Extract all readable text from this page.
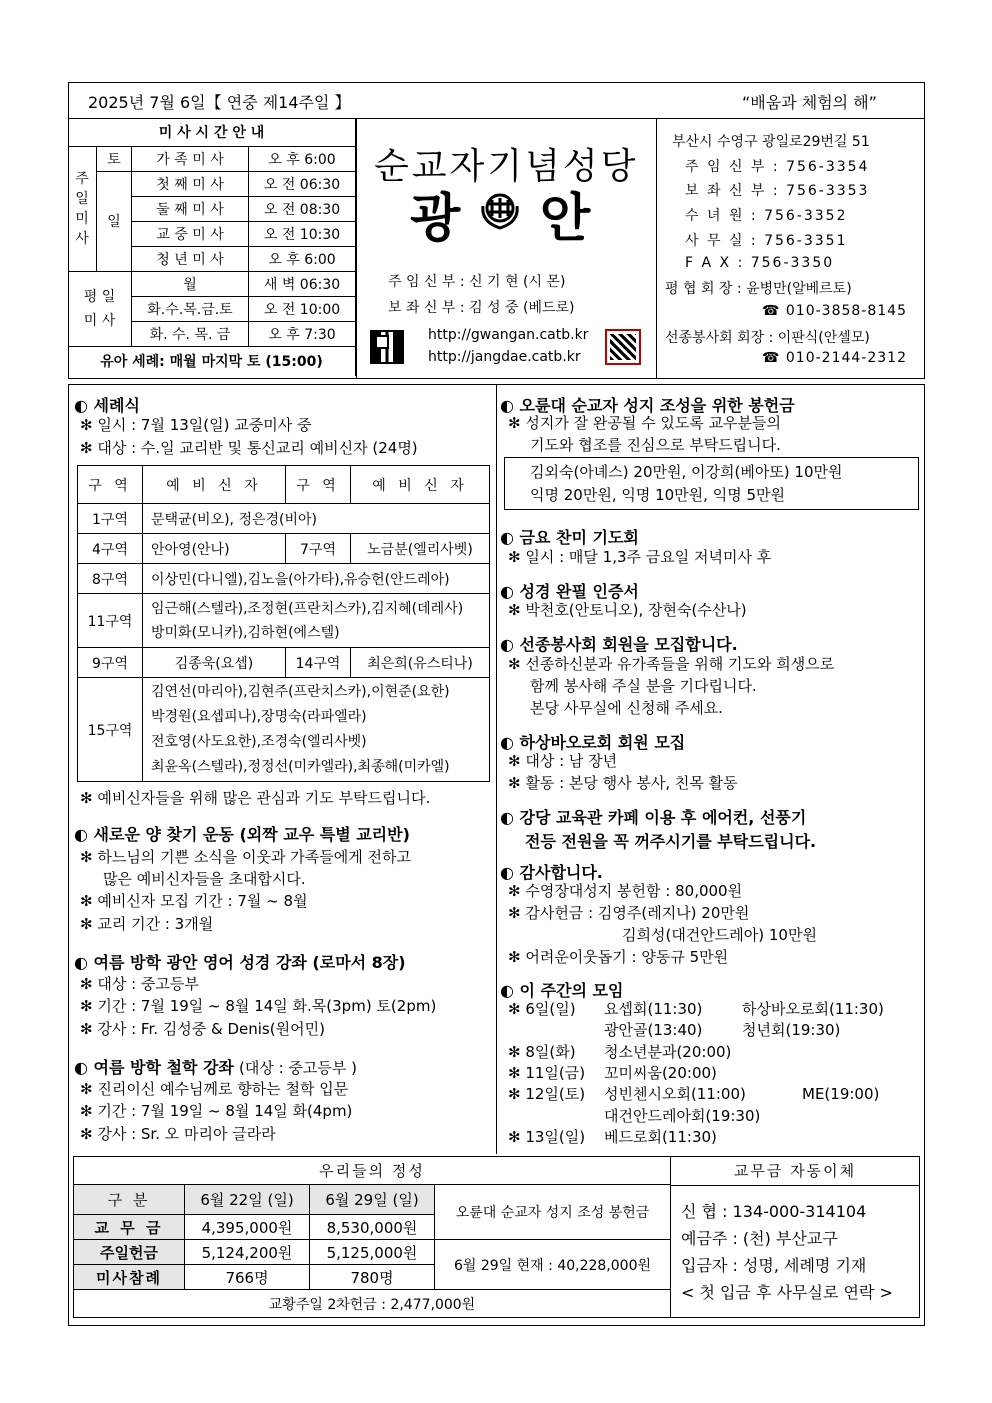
2025년 7월 6일【 연중 제14주일 】	“배움과 체험의 해”
미 사 시 간 안 내			
주
일
미
사	토	가 족 미 사	오 후 6:00
	일	첫 째 미 사	오 전 06:30
		둘 째 미 사	오 전 08:30
		교 중 미 사	오 전 10:30
		청 년 미 사	오 후 6:00
평 일
미 사		월	새 벽 06:30
		화.수.목.금.토	오 전 10:00
		화. 수. 목. 금	오 후 7:30
유아 세례: 매월 마지막 토 (15:00)			
순교자기념성당
광 안
주 임 신 부 : 신 기 현 (시 몬)
보 좌 신 부 : 김 성 중 (베드로)
http://gwangan.catb.kr
http://jangdae.catb.kr
부산시 수영구 광일로29번길 51
주 임 신 부 : 756-3354
보 좌 신 부 : 756-3353
수 녀 원 : 756-3352
사 무 실 : 756-3351
F A X : 756-3350
평 협 회 장 : 윤병만(알베르토)
☎ 010-3858-8145
선종봉사회 회장 : 이판식(안셀모)
☎ 010-2144-2312
◐ 세례식
✻ 일시 : 7월 13일(일) 교중미사 중
✻ 대상 : 수.일 교리반 및 통신교리 예비신자 (24명)
구 역	예 비 신 자	구 역	예 비 신 자
1구역	문택균(비오), 정은경(비아)		
4구역	안아영(안나)	7구역	노금분(엘리사벳)
8구역	이상민(다니엘),김노을(아가타),유승헌(안드레아)		
11구역	임근해(스텔라),조정현(프란치스카),김지혜(데레사)
방미화(모니카),김하현(에스텔)		
9구역	김종욱(요셉)	14구역	최은희(유스티나)
15구역	김연선(마리아),김현주(프란치스카),이현준(요한)
박경원(요셉피나),장명숙(라파엘라)
전호영(사도요한),조경숙(엘리사벳)
최윤옥(스텔라),정정선(미카엘라),최종해(미카엘)		
✻ 예비신자들을 위해 많은 관심과 기도 부탁드립니다.
◐ 새로운 양 찾기 운동 (외짝 교우 특별 교리반)
✻ 하느님의 기쁜 소식을 이웃과 가족들에게 전하고
많은 예비신자들을 초대합시다.
✻ 예비신자 모집 기간 : 7월 ~ 8월
✻ 교리 기간 : 3개월
◐ 여름 방학 광안 영어 성경 강좌 (로마서 8장)
✻ 대상 : 중고등부
✻ 기간 : 7월 19일 ~ 8월 14일 화.목(3pm) 토(2pm)
✻ 강사 : Fr. 김성중 & Denis(원어민)
◐ 여름 방학 철학 강좌 (대상 : 중고등부 )
✻ 진리이신 예수님께로 향하는 철학 입문
✻ 기간 : 7월 19일 ~ 8월 14일 화(4pm)
✻ 강사 : Sr. 오 마리아 글라라
◐ 오륜대 순교자 성지 조성을 위한 봉헌금
✻ 성지가 잘 완공될 수 있도록 교우분들의
기도와 협조를 진심으로 부탁드립니다.
김외숙(아녜스) 20만원, 이강희(베아또) 10만원
익명 20만원, 익명 10만원, 익명 5만원
◐ 금요 찬미 기도회
✻ 일시 : 매달 1,3주 금요일 저녁미사 후
◐ 성경 완필 인증서
✻ 박천호(안토니오), 장현숙(수산나)
◐ 선종봉사회 회원을 모집합니다.
✻ 선종하신분과 유가족들을 위해 기도와 희생으로
함께 봉사해 주실 분을 기다립니다.
본당 사무실에 신청해 주세요.
◐ 하상바오로회 회원 모집
✻ 대상 : 남 장년
✻ 활동 : 본당 행사 봉사, 친목 활동
◐ 강당 교육관 카페 이용 후 에어컨, 선풍기
전등 전원을 꼭 꺼주시기를 부탁드립니다.
◐ 감사합니다.
✻ 수영장대성지 봉헌함 : 80,000원
✻ 감사헌금 : 김영주(레지나) 20만원
김희성(대건안드레아) 10만원
✻ 어려운이웃돕기 : 양동규 5만원
◐ 이 주간의 모임
✻ 6일(일) 요셉회(11:30)	하상바오로회(11:30)
광안골(13:40)	청년회(19:30)
✻ 8일(화) 청소년분과(20:00)
✻ 11일(금) 꼬미씨움(20:00)
✻ 12일(토) 성빈첸시오회(11:00)	ME(19:00)
대건안드레아회(19:30)
✻ 13일(일) 베드로회(11:30)
우리들의 정성				교무금 자동이체
신 협 : 134-000-314104
예금주 : (천) 부산교구
입금자 : 성명, 세례명 기재
< 첫 입금 후 사무실로 연락 >

구 분	6월 22일 (일)	6월 29일 (일)	오륜대 순교자 성지 조성 봉헌금	
교 무 금	4,395,000원	8,530,000원		
주일헌금	5,124,200원	5,125,000원	6월 29일 현재 : 40,228,000원	
미사참례	766명	780명		
교황주일 2차헌금 : 2,477,000원				
